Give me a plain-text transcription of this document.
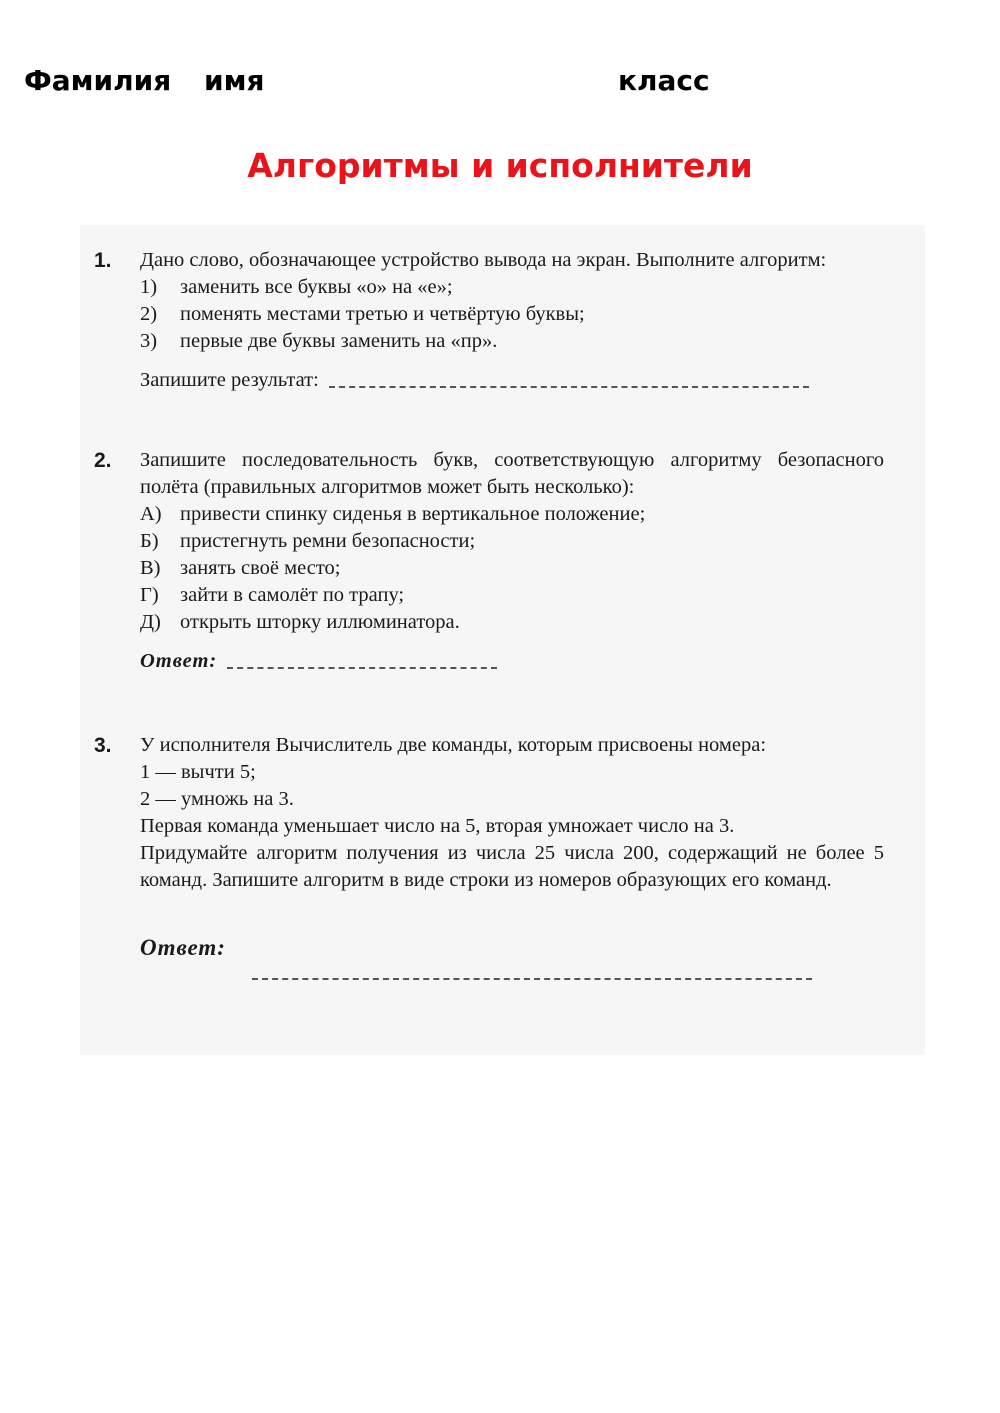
Фамилия имя	класс
Алгоритмы и исполнители
1.	Дано слово, обозначающее устройство вывода на экран. Выполните алгоритм:
1)	заменить все буквы «о» на «е»;
2)	поменять местами третью и четвёртую буквы;
3)	первые две буквы заменить на «пр».
Запишите результат:
2.	Запишите последовательность букв, соответствующую алгоритму безопасного полёта (правильных алгоритмов может быть несколько):
А) привести спинку сиденья в вертикальное положение;
Б)	пристегнуть ремни безопасности;
В) занять своё место;
Г)	зайти в самолёт по трапу;
Д) открыть шторку иллюминатора.
Ответ:
3.	У исполнителя Вычислитель две команды, которым присвоены номера:
1 — вычти 5;
2 — умножь на 3.
Первая команда уменьшает число на 5, вторая умножает число на 3.
Придумайте алгоритм получения из числа 25 числа 200, содержащий не более 5 команд. Запишите алгоритм в виде строки из номеров образующих его команд.
Ответ:
